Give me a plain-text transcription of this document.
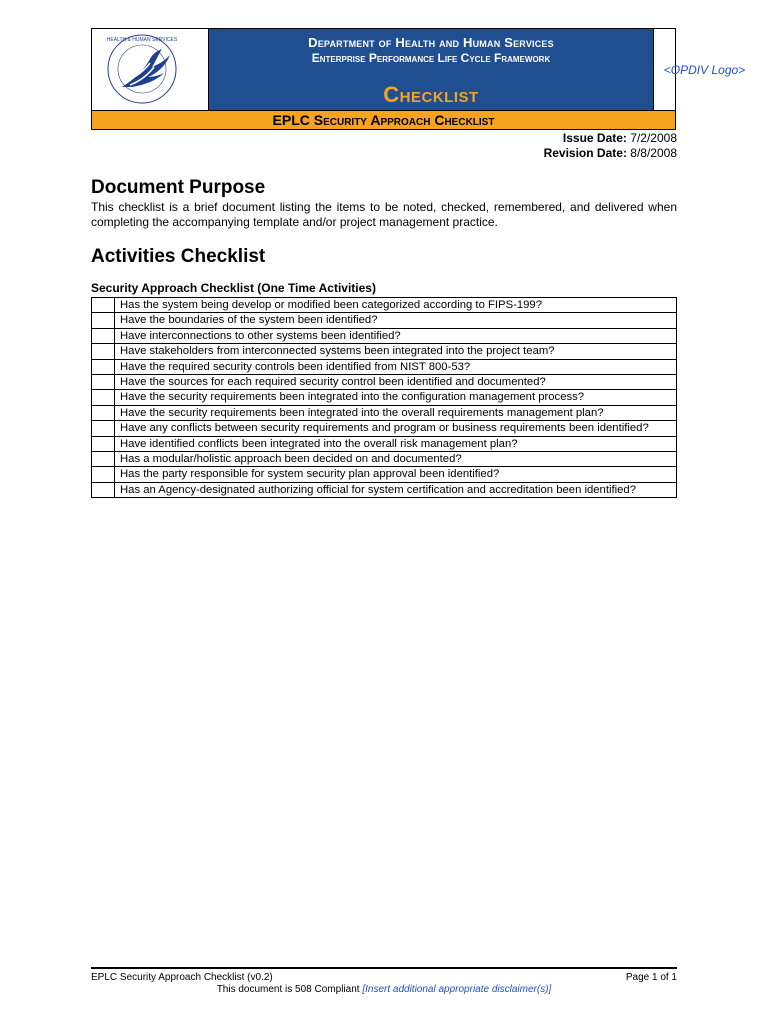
HEALTH & HUMAN SERVICES	Department of Health and Human Services
Enterprise Performance Life Cycle Framework
Checklist
<OPDIV Logo>
EPLC Security Approach Checklist
Issue Date: 7/2/2008
Revision Date: 8/8/2008
Document Purpose
This checklist is a brief document listing the items to be noted, checked, remembered, and delivered when completing the accompanying template and/or project management practice.
Activities Checklist
Security Approach Checklist (One Time Activities)
	Has the system being develop or modified been categorized according to FIPS-199?
	Have the boundaries of the system been identified?
	Have interconnections to other systems been identified?
	Have stakeholders from interconnected systems been integrated into the project team?
	Have the required security controls been identified from NIST 800-53?
	Have the sources for each required security control been identified and documented?
	Have the security requirements been integrated into the configuration management process?
	Have the security requirements been integrated into the overall requirements management plan?
	Have any conflicts between security requirements and program or business requirements been identified?
	Have identified conflicts been integrated into the overall risk management plan?
	Has a modular/holistic approach been decided on and documented?
	Has the party responsible for system security plan approval been identified?
	Has an Agency-designated authorizing official for system certification and accreditation been identified?
EPLC Security Approach Checklist (v0.2)	Page 1 of 1
This document is 508 Compliant [Insert additional appropriate disclaimer(s)]
